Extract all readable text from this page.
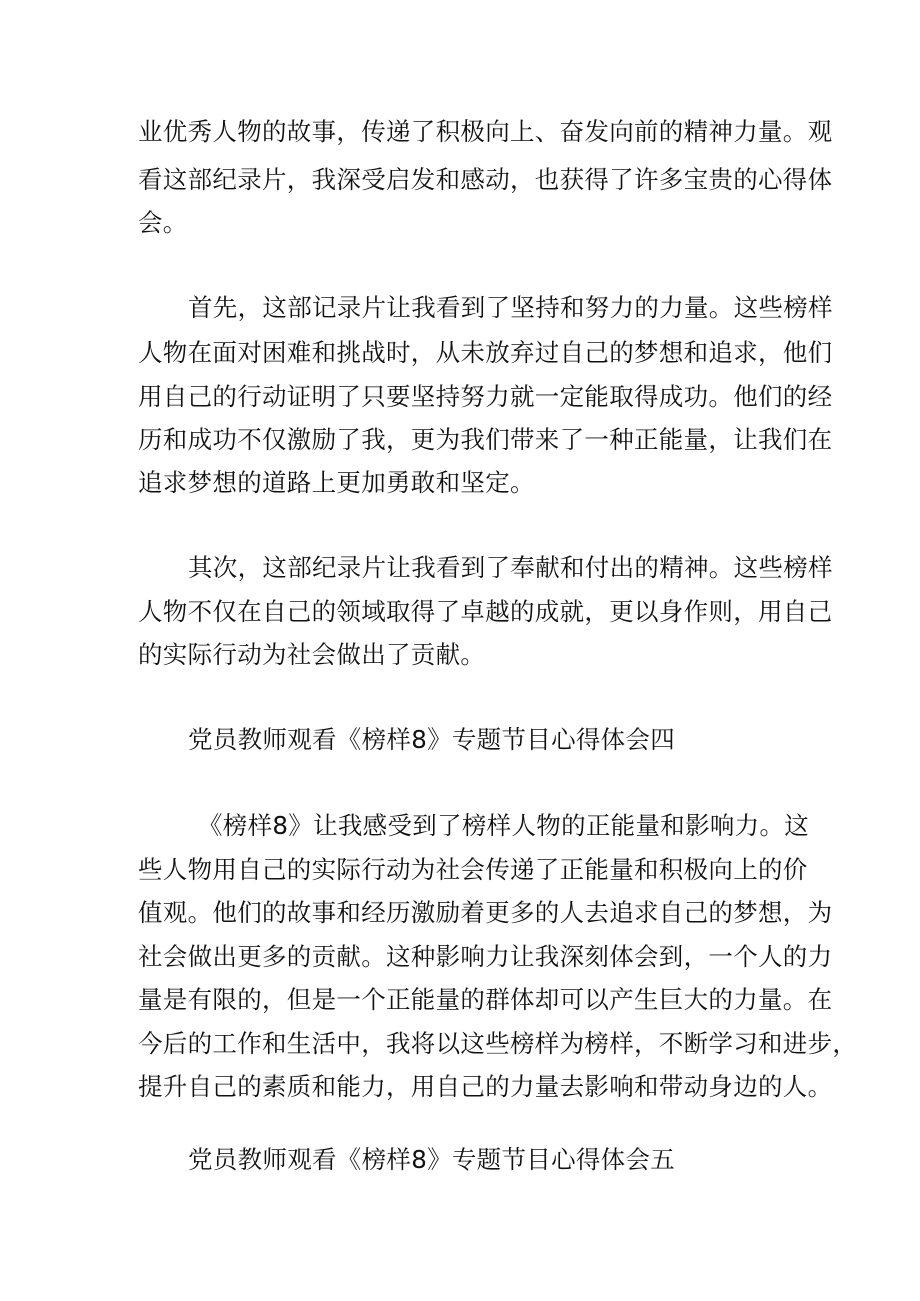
业优秀人物的故事，传递了积极向上、奋发向前的精神力量。观
看这部纪录片，我深受启发和感动，也获得了许多宝贵的心得体
会。
首先，这部记录片让我看到了坚持和努力的力量。这些榜样
人物在面对困难和挑战时，从未放弃过自己的梦想和追求，他们
用自己的行动证明了只要坚持努力就一定能取得成功。他们的经
历和成功不仅激励了我，更为我们带来了一种正能量，让我们在
追求梦想的道路上更加勇敢和坚定。
其次，这部纪录片让我看到了奉献和付出的精神。这些榜样
人物不仅在自己的领域取得了卓越的成就，更以身作则，用自己
的实际行动为社会做出了贡献。
党员教师观看《榜样8》专题节目心得体会四
《榜样8》让我感受到了榜样人物的正能量和影响力。这
些人物用自己的实际行动为社会传递了正能量和积极向上的价
值观。他们的故事和经历激励着更多的人去追求自己的梦想，为
社会做出更多的贡献。这种影响力让我深刻体会到，一个人的力
量是有限的，但是一个正能量的群体却可以产生巨大的力量。在
今后的工作和生活中，我将以这些榜样为榜样，不断学习和进步，
提升自己的素质和能力，用自己的力量去影响和带动身边的人。
党员教师观看《榜样8》专题节目心得体会五
